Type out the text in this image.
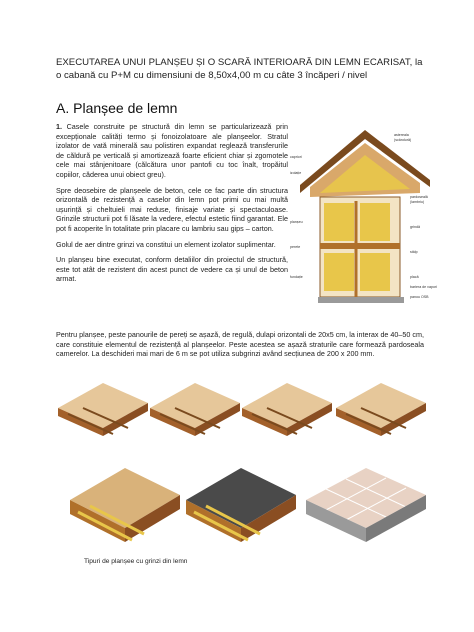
EXECUTAREA UNUI PLANȘEU ȘI O SCARĂ INTERIOARĂ DIN LEMN ECARISAT, la
o cabană cu P+M cu dimensiuni de 8,50x4,00 m cu câte 3 încăperi / nivel
A. Planșee de lemn

1. Casele construite pe structură din lemn se particularizează prin excepționale calități termo și fonoizolatoare ale planșeelor. Stratul izolator de vată minerală sau polistiren expandat reglează transferurile de căldură pe verticală și amortizează foarte eficient chiar și zgomotele cele mai stânjenitoare (călcătura unor pantofi cu toc înalt, tropăitul copiilor, căderea unui obiect greu).

Spre deosebire de planșeele de beton, cele ce fac parte din structura orizontală de rezistență a caselor din lemn pot primi cu mai multă ușurință și cheltuieli mai reduse, finisaje variate și spectaculoase. Grinzile structurii pot fi lăsate la vedere, efectul estetic fiind garantat. Ele pot fi acoperite în totalitate prin placare cu lambriu sau gips – carton.

Golul de aer dintre grinzi va constitui un element izolator suplimentar.

Un planșeu bine executat, conform detaliilor din proiectul de structură, este tot atât de rezistent din acest punct de vedere ca și unul de beton armat.

Pentru planșee, peste panourile de pereți se așază, de regulă, dulapi orizontali de 20x5 cm, la interax de 40–50 cm, care constituie elementul de rezistență al planșeelor. Peste acestea se așază straturile care formează pardoseala camerelor. La deschideri mai mari de 6 m se pot utiliza subgrinzi având secțiunea de 200 x 200 mm.
astereala
(scândură)
capriori
izolație
pardoseală
(lambriu)
planșeu
grindă
perete
stâlp
fundație	placă
bariera de vapori
panou OSB
Tipuri de planșee cu grinzi din lemn
